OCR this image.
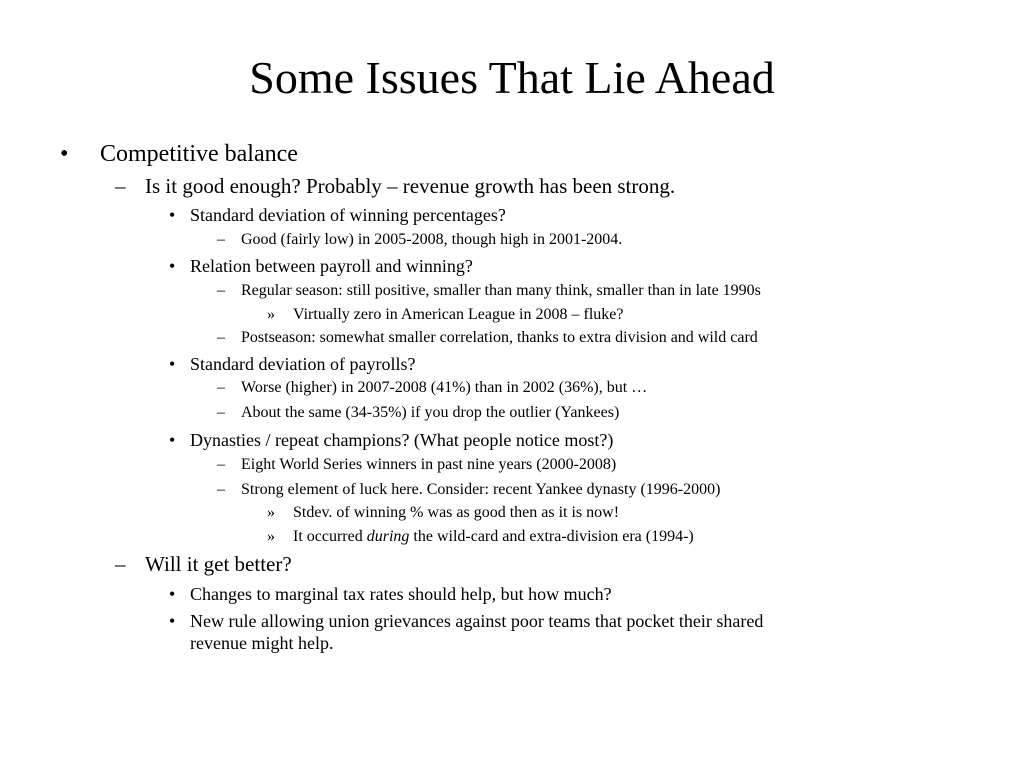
Some Issues That Lie Ahead
• Competitive balance
– Is it good enough? Probably – revenue growth has been strong.
• Standard deviation of winning percentages?
– Good (fairly low) in 2005-2008, though high in 2001-2004.
• Relation between payroll and winning?
– Regular season: still positive, smaller than many think, smaller than in late 1990s
» Virtually zero in American League in 2008 – fluke?
– Postseason: somewhat smaller correlation, thanks to extra division and wild card
• Standard deviation of payrolls?
– Worse (higher) in 2007-2008 (41%) than in 2002 (36%), but …
– About the same (34-35%) if you drop the outlier (Yankees)
• Dynasties / repeat champions? (What people notice most?)
– Eight World Series winners in past nine years (2000-2008)
– Strong element of luck here. Consider: recent Yankee dynasty (1996-2000)
» Stdev. of winning % was as good then as it is now!
» It occurred during the wild-card and extra-division era (1994-)
– Will it get better?
• Changes to marginal tax rates should help, but how much?
• New rule allowing union grievances against poor teams that pocket their shared
revenue might help.
